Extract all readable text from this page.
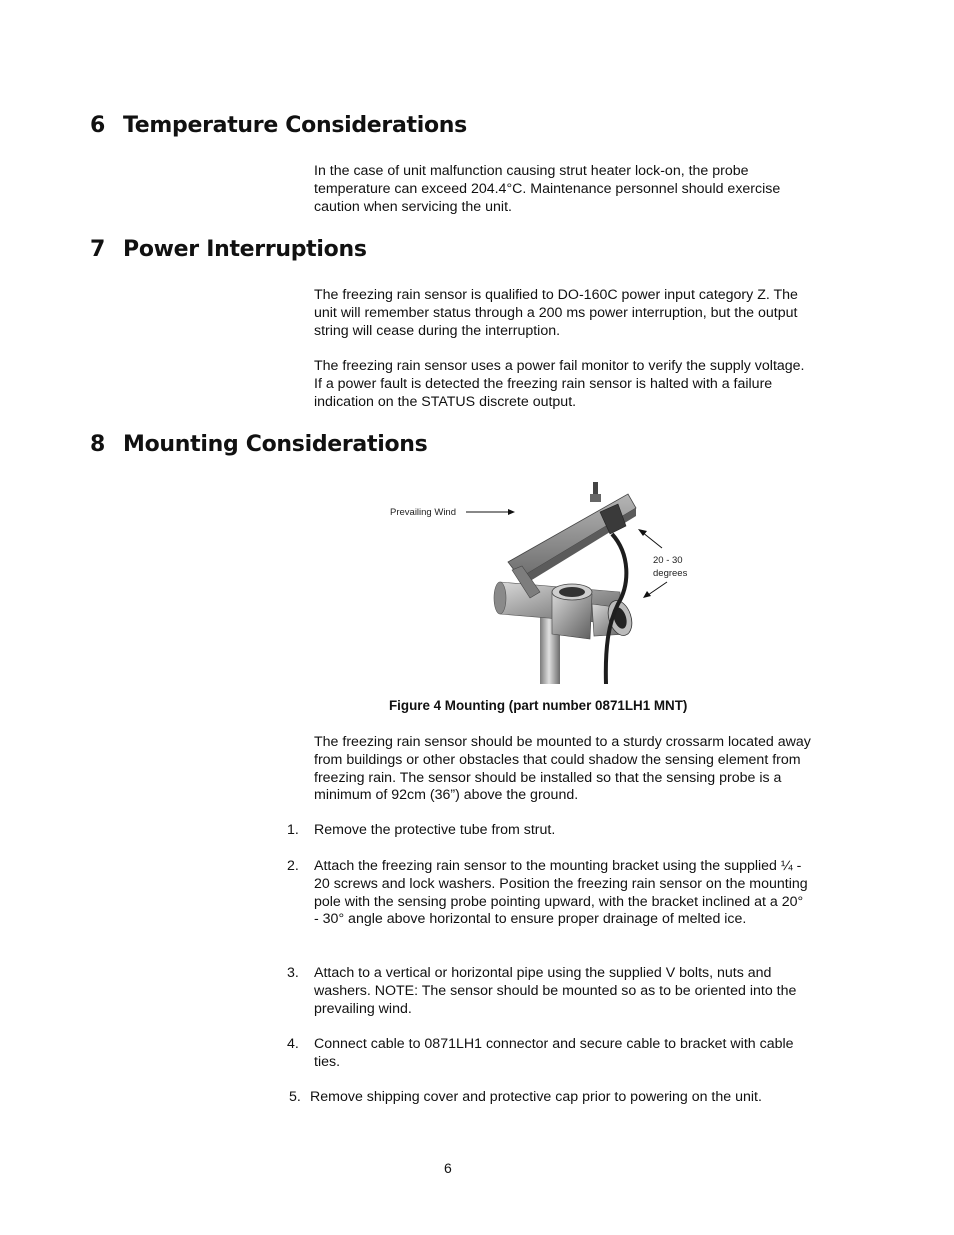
6 Temperature Considerations

In the case of unit malfunction causing strut heater lock-on, the probe temperature can exceed 204.4°C. Maintenance personnel should exercise caution when servicing the unit.

7 Power Interruptions

The freezing rain sensor is qualified to DO-160C power input category Z. The unit will remember status through a 200 ms power interruption, but the output string will cease during the interruption.

The freezing rain sensor uses a power fail monitor to verify the supply voltage. If a power fault is detected the freezing rain sensor is halted with a failure indication on the STATUS discrete output.

8 Mounting Considerations
Prevailing Wind
20 - 30
degrees
Figure 4 Mounting (part number 0871LH1 MNT)

The freezing rain sensor should be mounted to a sturdy crossarm located away from buildings or other obstacles that could shadow the sensing element from freezing rain. The sensor should be installed so that the sensing probe is a minimum of 92cm (36”) above the ground.

1. Remove the protective tube from strut.
2. Attach the freezing rain sensor to the mounting bracket using the supplied ¼ - 20 screws and lock washers. Position the freezing rain sensor on the mounting pole with the sensing probe pointing upward, with the bracket inclined at a 20° - 30° angle above horizontal to ensure proper drainage of melted ice.
3. Attach to a vertical or horizontal pipe using the supplied V bolts, nuts and washers. NOTE: The sensor should be mounted so as to be oriented into the prevailing wind.
4. Connect cable to 0871LH1 connector and secure cable to bracket with cable ties.
5. Remove shipping cover and protective cap prior to powering on the unit.
6
